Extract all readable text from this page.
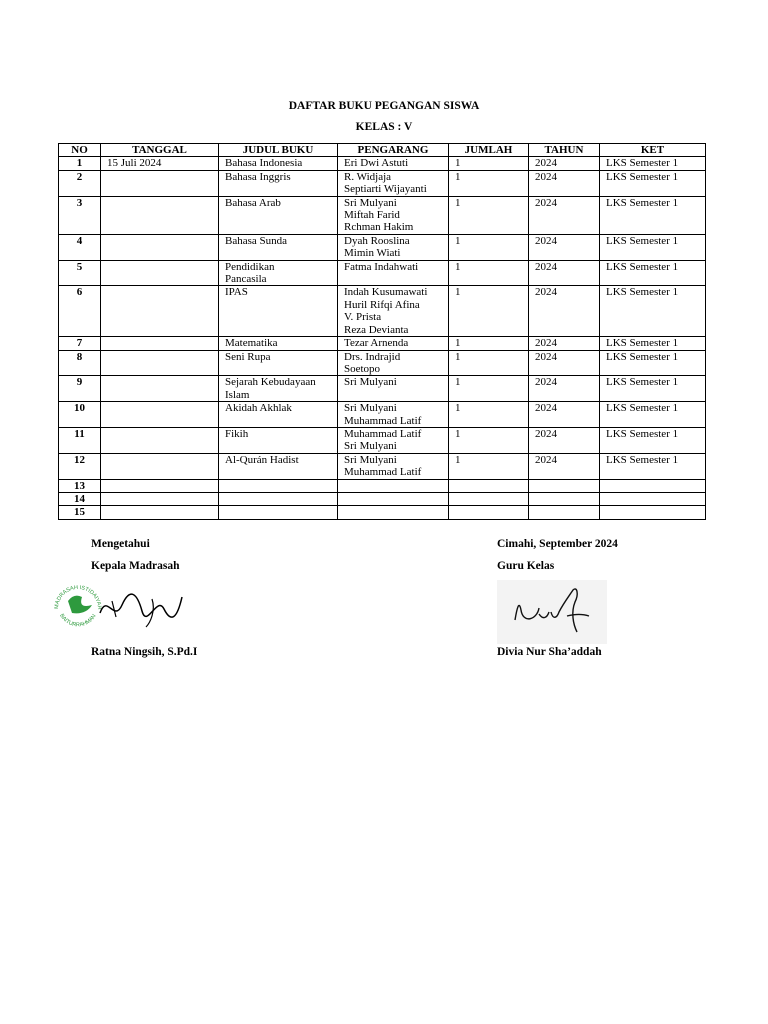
DAFTAR BUKU PEGANGAN SISWA
KELAS : V
NO	TANGGAL	JUDUL BUKU	PENGARANG	JUMLAH	TAHUN	KET
1	15 Juli 2024	Bahasa Indonesia	Eri Dwi Astuti	1	2024	LKS Semester 1
2		Bahasa Inggris	R. Widjaja
Septiarti Wijayanti	1	2024	LKS Semester 1
3		Bahasa Arab	Sri Mulyani
Miftah Farid
Rchman Hakim	1	2024	LKS Semester 1
4		Bahasa Sunda	Dyah Rooslina
Mimin Wiati	1	2024	LKS Semester 1
5		Pendidikan
Pancasila	Fatma Indahwati	1	2024	LKS Semester 1
6		IPAS	Indah Kusumawati
Huril Rifqi Afina
V. Prista
Reza Devianta	1	2024	LKS Semester 1
7		Matematika	Tezar Arnenda	1	2024	LKS Semester 1
8		Seni Rupa	Drs. Indrajid
Soetopo	1	2024	LKS Semester 1
9		Sejarah Kebudayaan
Islam	Sri Mulyani	1	2024	LKS Semester 1
10		Akidah Akhlak	Sri Mulyani
Muhammad Latif	1	2024	LKS Semester 1
11		Fikih	Muhammad Latif
Sri Mulyani	1	2024	LKS Semester 1
12		Al-Qurán Hadist	Sri Mulyani
Muhammad Latif	1	2024	LKS Semester 1
13						
14						
15						
Mengetahui
Kepala Madrasah
MADRASAH ISTIDAIYAH
BAITURRAHMAN
Ratna Ningsih, S.Pd.I
Cimahi, September 2024
Guru Kelas
Divia Nur Sha’addah
